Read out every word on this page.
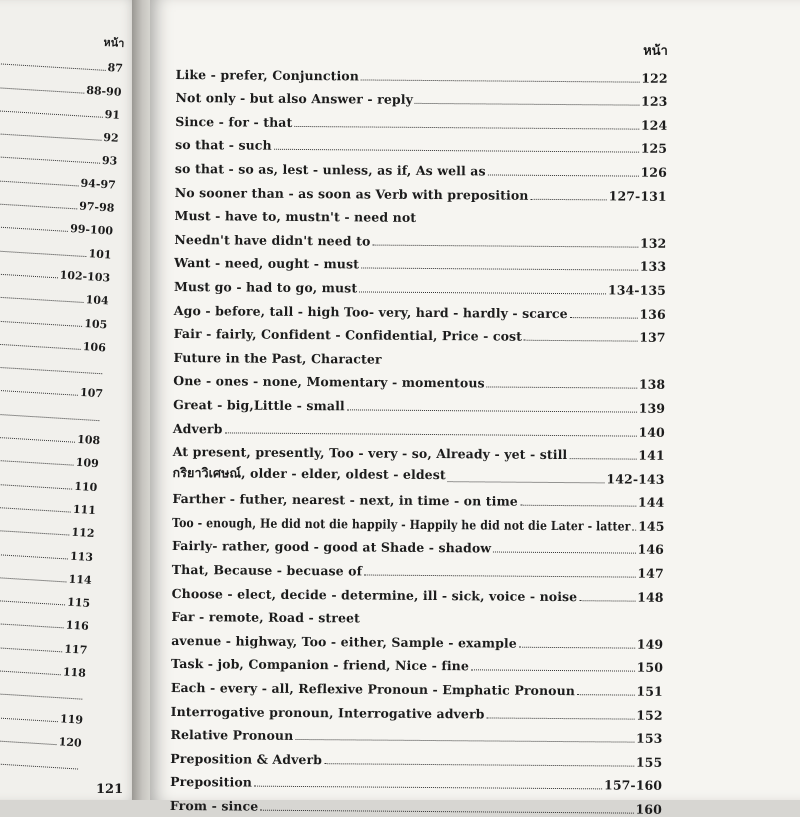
หน้า
87
88-90
91
92
93
94-97
97-98
99-100
101
102-103
104
105
106
107
108
109
110
111
112
113
114
115
116
117
118
119
120
121
หน้า
Like - prefer, Conjunction	122
Not only - but also Answer - reply	123
Since - for - that	124
so that - such	125
so that - so as, lest - unless, as if, As well as	126
No sooner than - as soon as Verb with preposition	127-131
Must - have to, mustn't - need not
Needn't have didn't need to	132
Want - need, ought - must	133
Must go - had to go, must	134-135
Ago - before, tall - high Too- very, hard - hardly - scarce	136
Fair - fairly, Confident - Confidential, Price - cost	137
Future in the Past, Character
One - ones - none, Momentary - momentous	138
Great - big,Little - small	139
Adverb	140
At present, presently, Too - very - so, Already - yet - still	141
กริยาวิเศษณ์, older - elder, oldest - eldest	142-143
Farther - futher, nearest - next, in time - on time	144
Too - enough, He did not die happily - Happily he did not die Later - latter 145
Fairly- rather, good - good at Shade - shadow	146
That, Because - becuase of	147
Choose - elect, decide - determine, ill - sick, voice - noise	148
Far - remote, Road - street
avenue - highway, Too - either, Sample - example	149
Task - job, Companion - friend, Nice - fine	150
Each - every - all, Reflexive Pronoun - Emphatic Pronoun	151
Interrogative pronoun, Interrogative adverb	152
Relative Pronoun	153
Preposition & Adverb	155
Preposition	157-160
From - since	160
